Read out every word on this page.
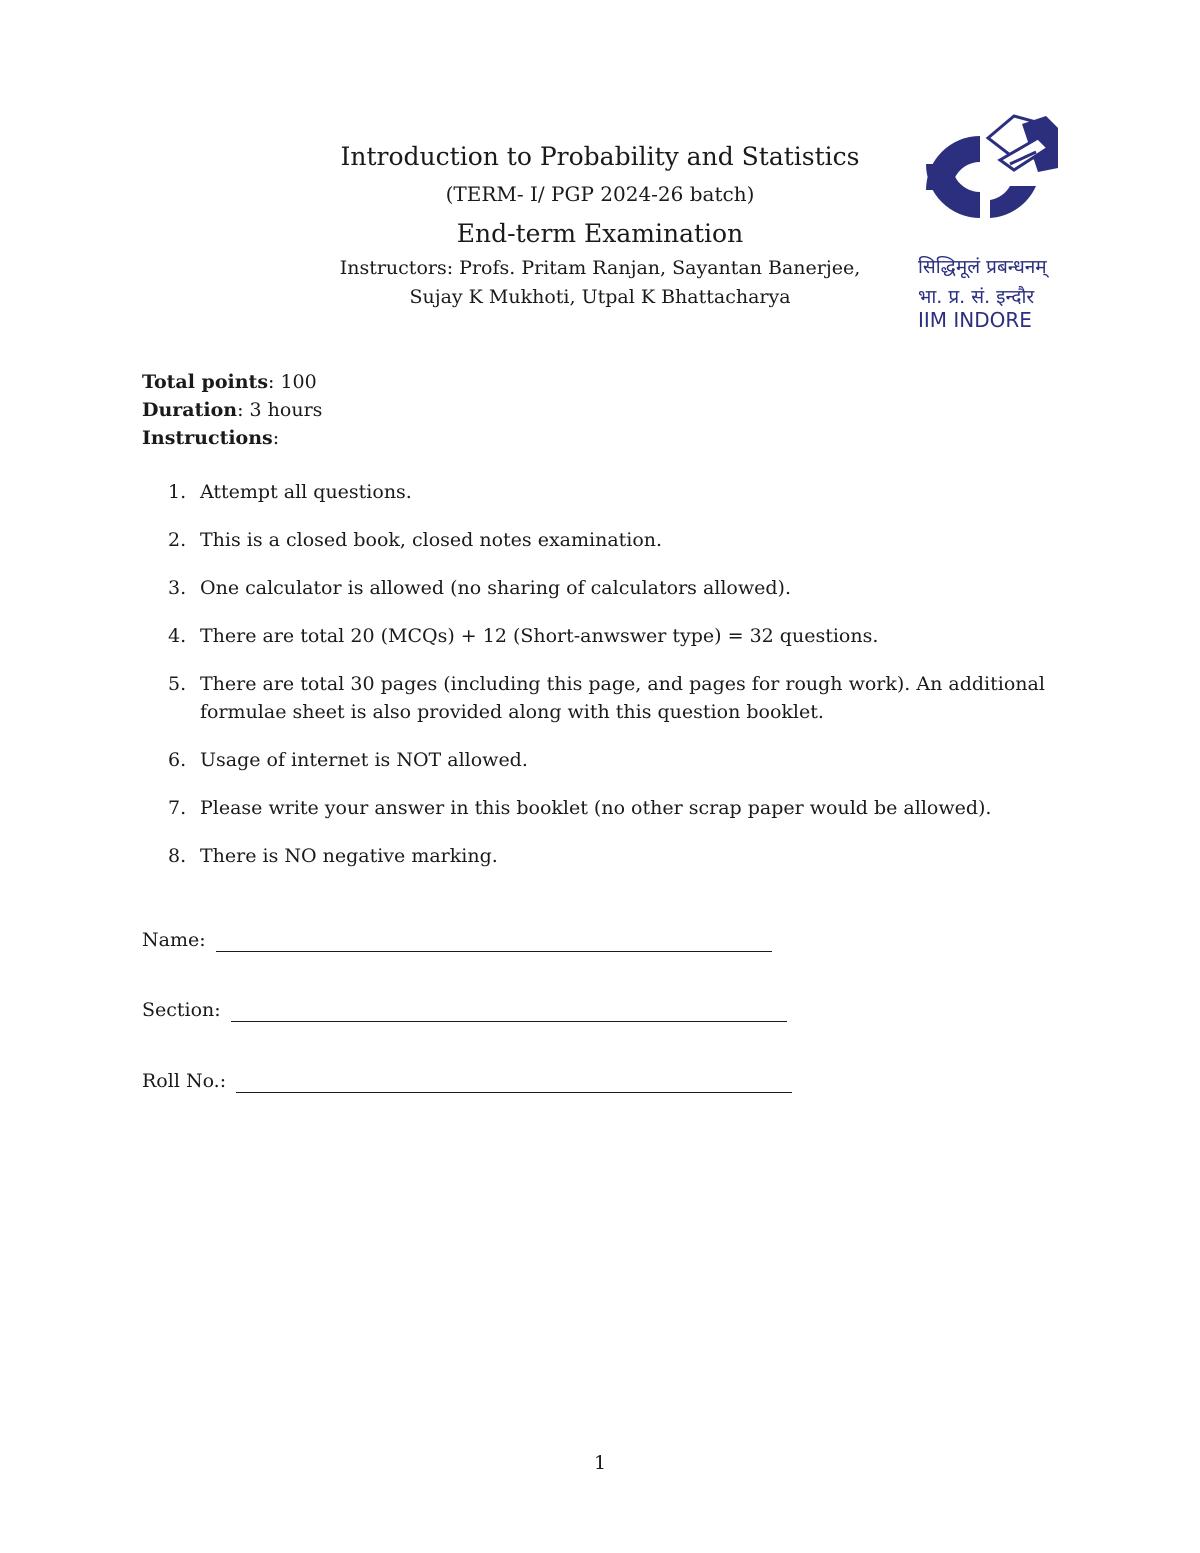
Introduction to Probability and Statistics

(TERM- I/ PGP 2024-26 batch)

End-term Examination

Instructors: Profs. Pritam Ranjan, Sayantan Banerjee,

Sujay K Mukhoti, Utpal K Bhattacharya

सिद्धिमूलं प्रबन्धनम्
भा. प्र. सं. इन्दौर
IIM INDORE
Total points: 100
Duration: 3 hours
Instructions:
1. Attempt all questions.
2. This is a closed book, closed notes examination.
3. One calculator is allowed (no sharing of calculators allowed).
4. There are total 20 (MCQs) + 12 (Short-anwswer type) = 32 questions.
5. There are total 30 pages (including this page, and pages for rough work). An additional formulae sheet is also provided along with this question booklet.
6. Usage of internet is NOT allowed.
7. Please write your answer in this booklet (no other scrap paper would be allowed).
8. There is NO negative marking.
Name:
Section:
Roll No.:
1
